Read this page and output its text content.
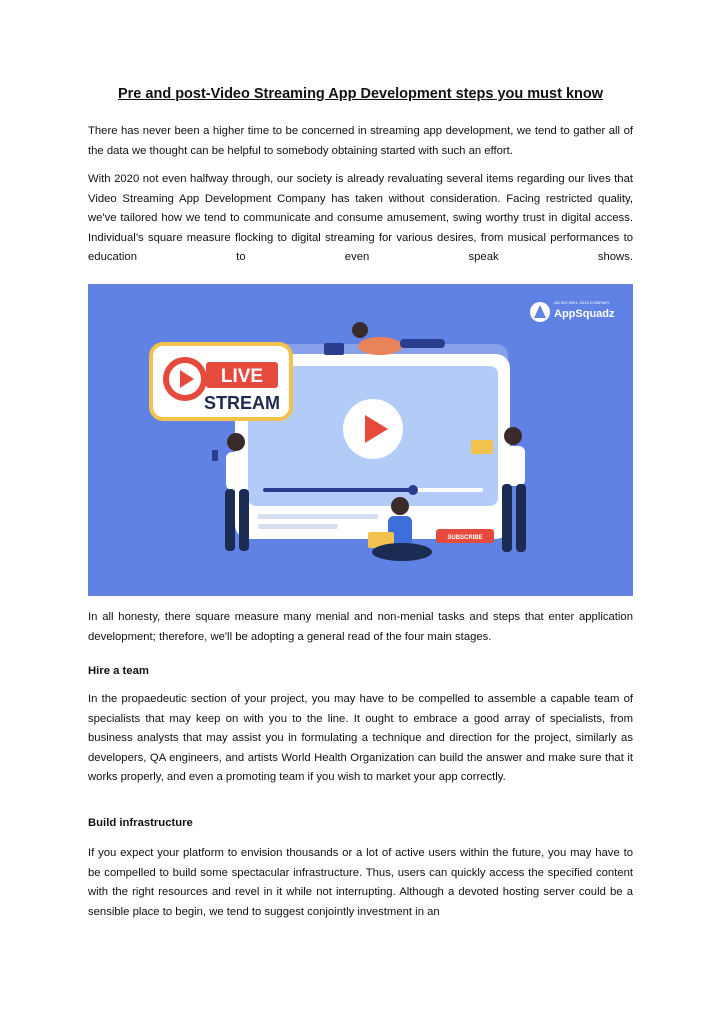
Pre and post-Video Streaming App Development steps you must know

There has never been a higher time to be concerned in streaming app development, we tend to gather all of the data we thought can be helpful to somebody obtaining started with such an effort.

With 2020 not even halfway through, our society is already revaluating several items regarding our lives that Video Streaming App Development Company has taken without consideration. Facing restricted quality, we've tailored how we tend to communicate and consume amusement, swing worthy trust in digital access. Individual’s square measure flocking to digital streaming for various desires, from musical performances to education to even speak shows.

SUBSCRIBE
LIVE
STREAM
AN ISO 9001: 2015 COMPANY
AppSquadz

In all honesty, there square measure many menial and non-menial tasks and steps that enter application development; therefore, we'll be adopting a general read of the four main stages.

Hire a team

In the propaedeutic section of your project, you may have to be compelled to assemble a capable team of specialists that may keep on with you to the line. It ought to embrace a good array of specialists, from business analysts that may assist you in formulating a technique and direction for the project, similarly as developers, QA engineers, and artists World Health Organization can build the answer and make sure that it works properly, and even a promoting team if you wish to market your app correctly.

Build infrastructure

If you expect your platform to envision thousands or a lot of active users within the future, you may have to be compelled to build some spectacular infrastructure. Thus, users can quickly access the specified content with the right resources and revel in it while not interrupting. Although a devoted hosting server could be a sensible place to begin, we tend to suggest conjointly investment in an
